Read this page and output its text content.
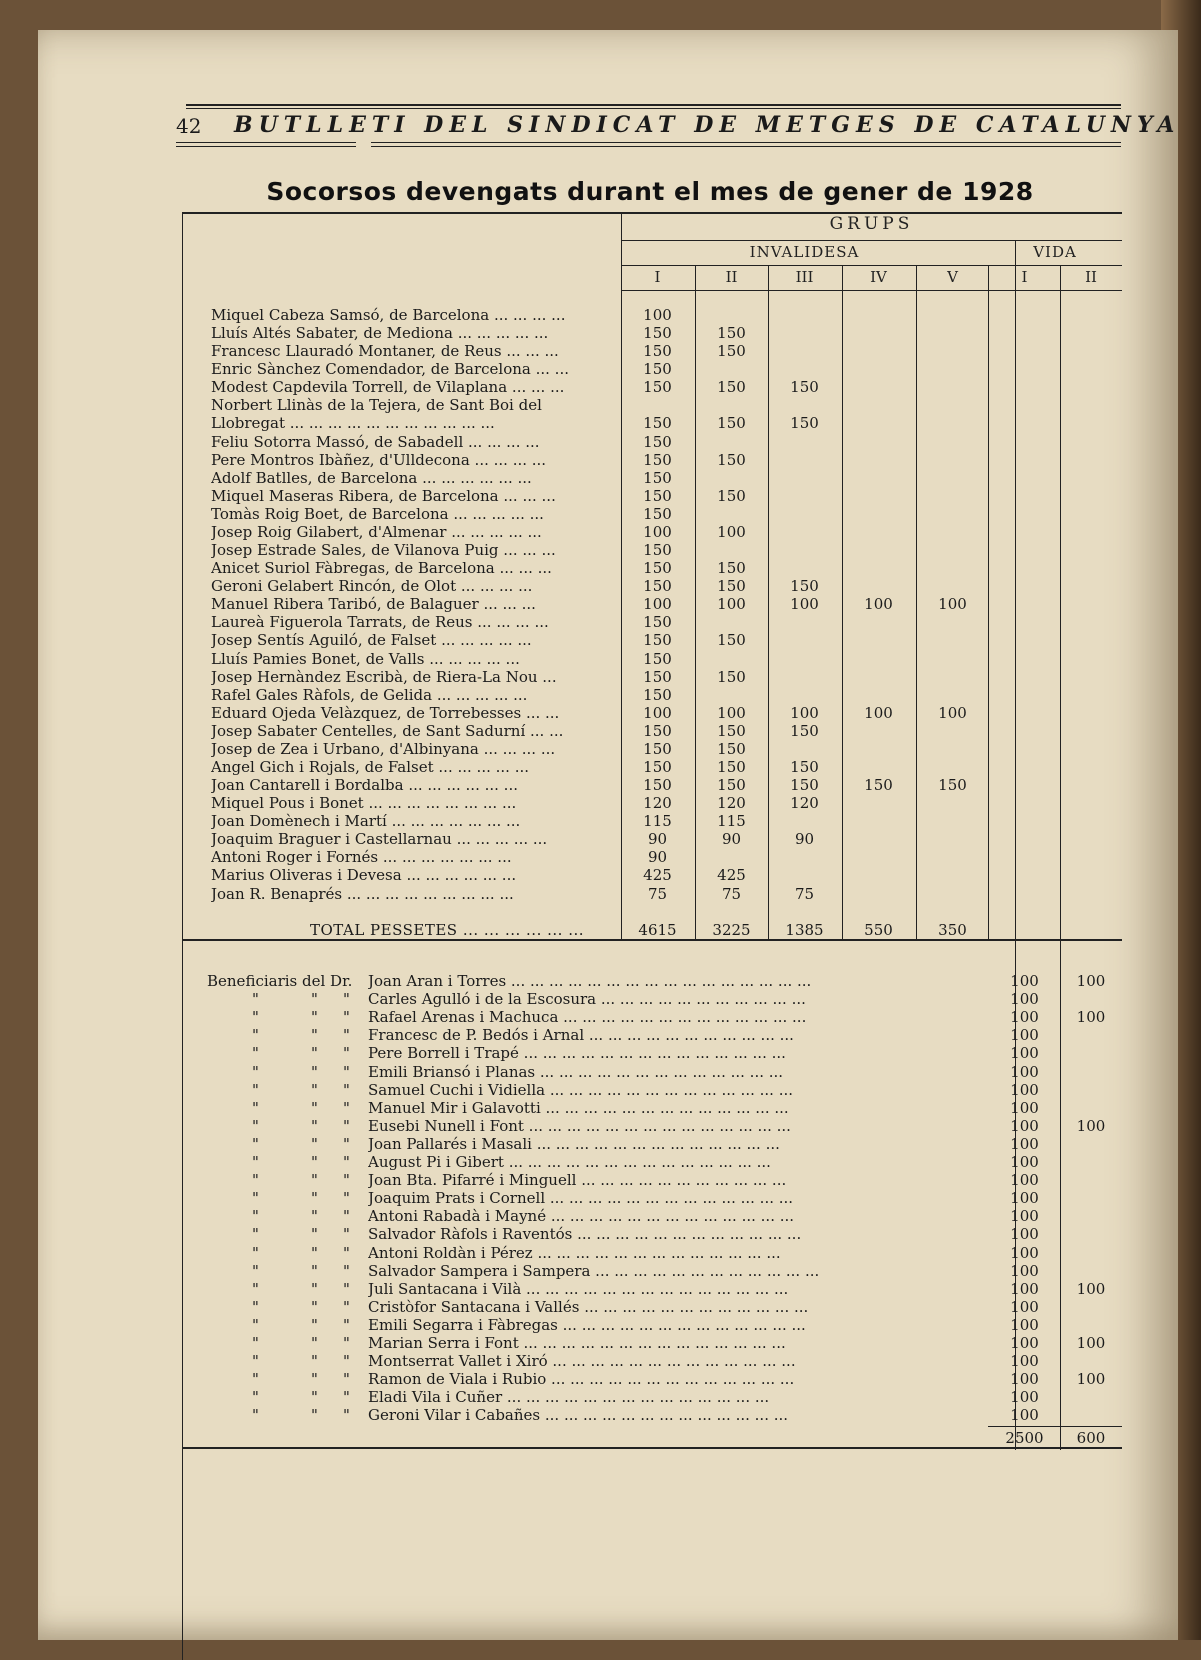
42 BUTLLETI DEL SINDICAT DE METGES DE CATALUNYA
Socorsos devengats durant el mes de gener de 1928
GRUPS
INVALIDESA	VIDA
I	II	III	IV	V	I	II
Miquel Cabeza Samsó, de Barcelona ... ... ... ...	100
Lluís Altés Sabater, de Mediona ... ... ... ... ...	150	150
Francesc Llauradó Montaner, de Reus ... ... ...	150	150
Enric Sànchez Comendador, de Barcelona ... ...	150
Modest Capdevila Torrell, de Vilaplana ... ... ...	150	150	150
Norbert Llinàs de la Tejera, de Sant Boi del
Llobregat ... ... ... ... ... ... ... ... ... ... ...	150	150	150
Feliu Sotorra Massó, de Sabadell ... ... ... ...	150
Pere Montros Ibàñez, d'Ulldecona ... ... ... ...	150	150
Adolf Batlles, de Barcelona ... ... ... ... ... ...	150
Miquel Maseras Ribera, de Barcelona ... ... ...	150	150
Tomàs Roig Boet, de Barcelona ... ... ... ... ...	150
Josep Roig Gilabert, d'Almenar ... ... ... ... ...	100	100
Josep Estrade Sales, de Vilanova Puig ... ... ...	150
Anicet Suriol Fàbregas, de Barcelona ... ... ...	150	150
Geroni Gelabert Rincón, de Olot ... ... ... ...	150	150	150
Manuel Ribera Taribó, de Balaguer ... ... ...	100	100	100	100	100
Laureà Figuerola Tarrats, de Reus ... ... ... ...	150
Josep Sentís Aguiló, de Falset ... ... ... ... ...	150	150
Lluís Pamies Bonet, de Valls ... ... ... ... ...	150
Josep Hernàndez Escribà, de Riera-La Nou ...	150	150
Rafel Gales Ràfols, de Gelida ... ... ... ... ...	150
Eduard Ojeda Velàzquez, de Torrebesses ... ...	100	100	100	100	100
Josep Sabater Centelles, de Sant Sadurní ... ...	150	150	150
Josep de Zea i Urbano, d'Albinyana ... ... ... ...	150	150
Angel Gich i Rojals, de Falset ... ... ... ... ...	150	150	150
Joan Cantarell i Bordalba ... ... ... ... ... ...	150	150	150	150	150
Miquel Pous i Bonet ... ... ... ... ... ... ... ...	120	120	120
Joan Domènech i Martí ... ... ... ... ... ... ...	115	115
Joaquim Braguer i Castellarnau ... ... ... ... ...	90	90	90
Antoni Roger i Fornés ... ... ... ... ... ... ...	90
Marius Oliveras i Devesa ... ... ... ... ... ...	425	425
Joan R. Benaprés ... ... ... ... ... ... ... ... ...	75	75	75
TOTAL PESSETES ... ... ... ... ... ...	4615	3225	1385	550	350
Beneficiaris del Dr. Joan Aran i Torres ... ... ... ... ... ... ... ... ... ... ... ... ... ... ... ...	100	100
"	" " Carles Agulló i de la Escosura ... ... ... ... ... ... ... ... ... ... ...	100
"	" " Rafael Arenas i Machuca ... ... ... ... ... ... ... ... ... ... ... ... ...	100	100
"	" " Francesc de P. Bedós i Arnal ... ... ... ... ... ... ... ... ... ... ...	100
"	" " Pere Borrell i Trapé ... ... ... ... ... ... ... ... ... ... ... ... ... ...	100
"	" " Emili Briansó i Planas ... ... ... ... ... ... ... ... ... ... ... ... ...	100
"	" " Samuel Cuchi i Vidiella ... ... ... ... ... ... ... ... ... ... ... ... ...	100
"	" " Manuel Mir i Galavotti ... ... ... ... ... ... ... ... ... ... ... ... ...	100
"	" " Eusebi Nunell i Font ... ... ... ... ... ... ... ... ... ... ... ... ... ...	100	100
"	" " Joan Pallarés i Masali ... ... ... ... ... ... ... ... ... ... ... ... ...	100
"	" " August Pi i Gibert ... ... ... ... ... ... ... ... ... ... ... ... ... ...	100
"	" " Joan Bta. Pifarré i Minguell ... ... ... ... ... ... ... ... ... ... ...	100
"	" " Joaquim Prats i Cornell ... ... ... ... ... ... ... ... ... ... ... ... ...	100
"	" " Antoni Rabadà i Mayné ... ... ... ... ... ... ... ... ... ... ... ... ...	100
"	" " Salvador Ràfols i Raventós ... ... ... ... ... ... ... ... ... ... ... ...	100
"	" " Antoni Roldàn i Pérez ... ... ... ... ... ... ... ... ... ... ... ... ...	100
"	" " Salvador Sampera i Sampera ... ... ... ... ... ... ... ... ... ... ... ...	100
"	" " Juli Santacana i Vilà ... ... ... ... ... ... ... ... ... ... ... ... ... ...	100	100
"	" " Cristòfor Santacana i Vallés ... ... ... ... ... ... ... ... ... ... ... ...	100
"	" " Emili Segarra i Fàbregas ... ... ... ... ... ... ... ... ... ... ... ... ...	100
"	" " Marian Serra i Font ... ... ... ... ... ... ... ... ... ... ... ... ... ...	100	100
"	" " Montserrat Vallet i Xiró ... ... ... ... ... ... ... ... ... ... ... ... ...	100
"	" " Ramon de Viala i Rubio ... ... ... ... ... ... ... ... ... ... ... ... ...	100	100
"	" " Eladi Vila i Cuñer ... ... ... ... ... ... ... ... ... ... ... ... ... ...	100
"	" " Geroni Vilar i Cabañes ... ... ... ... ... ... ... ... ... ... ... ... ...	100
2500	600
